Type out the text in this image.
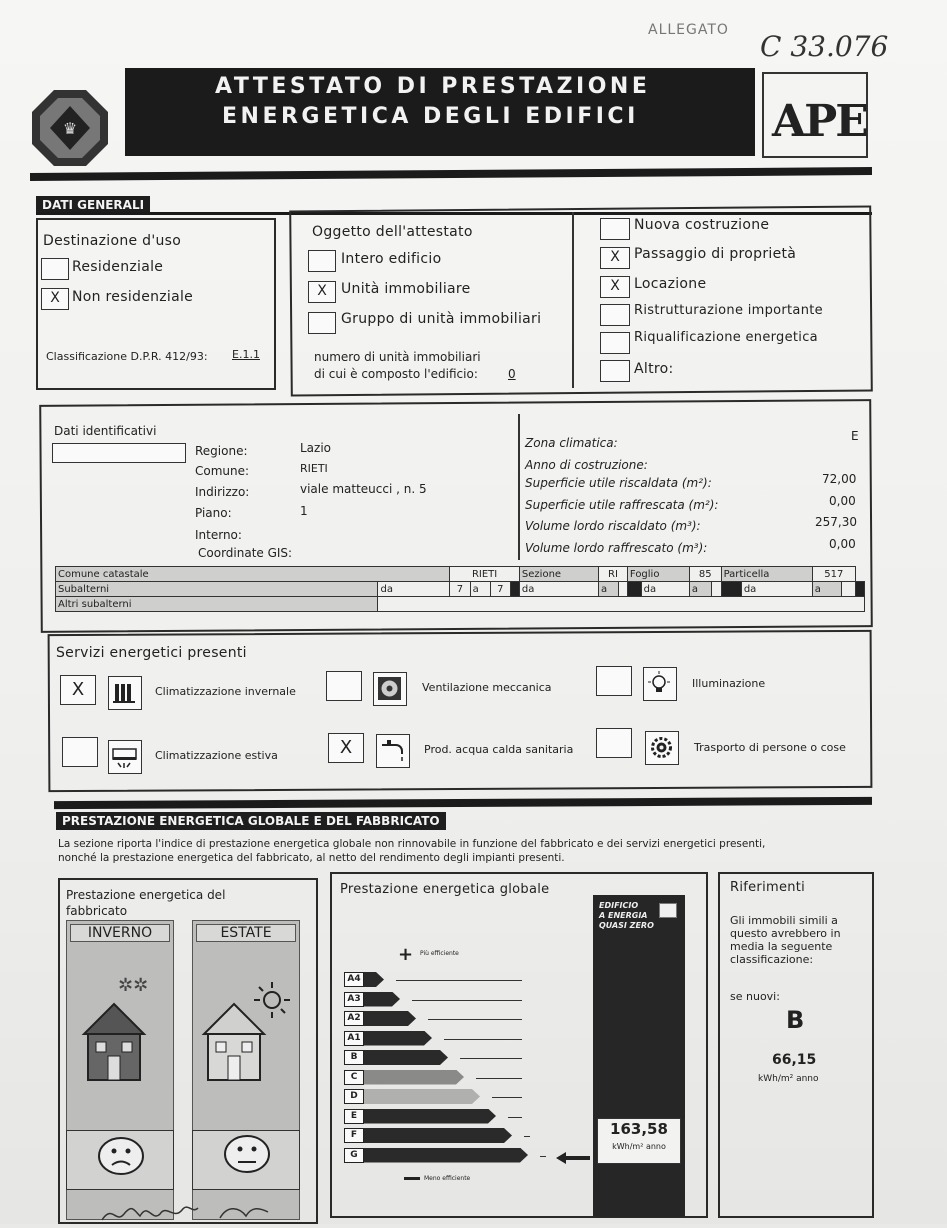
ALLEGATO C 33.076
♛
ATTESTATO DI PRESTAZIONE
ENERGETICA DEGLI EDIFICI	APE
DATI GENERALI
Destinazione d'uso
Residenziale
X Non residenziale
Classificazione D.P.R. 412/93: E.1.1
Oggetto dell'attestato
Intero edificio
X	Unità immobiliare
Gruppo di unità immobiliari
numero di unità immobiliari
di cui è composto l'edificio:	0
Nuova costruzione
X	Passaggio di proprietà
X	Locazione
Ristrutturazione importante
Riqualificazione energetica
Altro:
Dati identificativi
Regione:	Lazio
Comune:	RIETI
Indirizzo:	viale matteucci , n. 5
Piano:	1
Interno:
Coordinate GIS:
Zona climatica:	E
Anno di costruzione:
Superficie utile riscaldata (m²):	72,00
Superficie utile raffrescata (m²):	0,00
Volume lordo riscaldato (m³):	257,30
Volume lordo raffrescato (m³):	0,00
Comune catastale		RIETI				Sezione	RI		Foglio		85		Particella		517		
Subalterni	da	7	a	7		da	a			da	a			da	a		
Altri subalterni																	
Servizi energetici presenti
X	Climatizzazione invernale	Ventilazione meccanica	Illuminazione
Climatizzazione estiva	X	Prod. acqua calda sanitaria	Trasporto di persone o cose
PRESTAZIONE ENERGETICA GLOBALE E DEL FABBRICATO
La sezione riporta l'indice di prestazione energetica globale non rinnovabile in funzione del fabbricato e dei servizi energetici presenti,
nonché la prestazione energetica del fabbricato, al netto del rendimento degli impianti presenti.
Prestazione energetica del
fabbricato
INVERNO
✲✲
ESTATE
Prestazione energetica globale
EDIFICIO
A ENERGIA
QUASI ZERO
+ Più efficiente
A4
A3
A2
A1
B
C
D
E
F
G
163,58
kWh/m² anno
Meno efficiente
Riferimenti
Gli immobili simili a
questo avrebbero in
media la seguente
classificazione:
se nuovi:
B
66,15
kWh/m² anno
